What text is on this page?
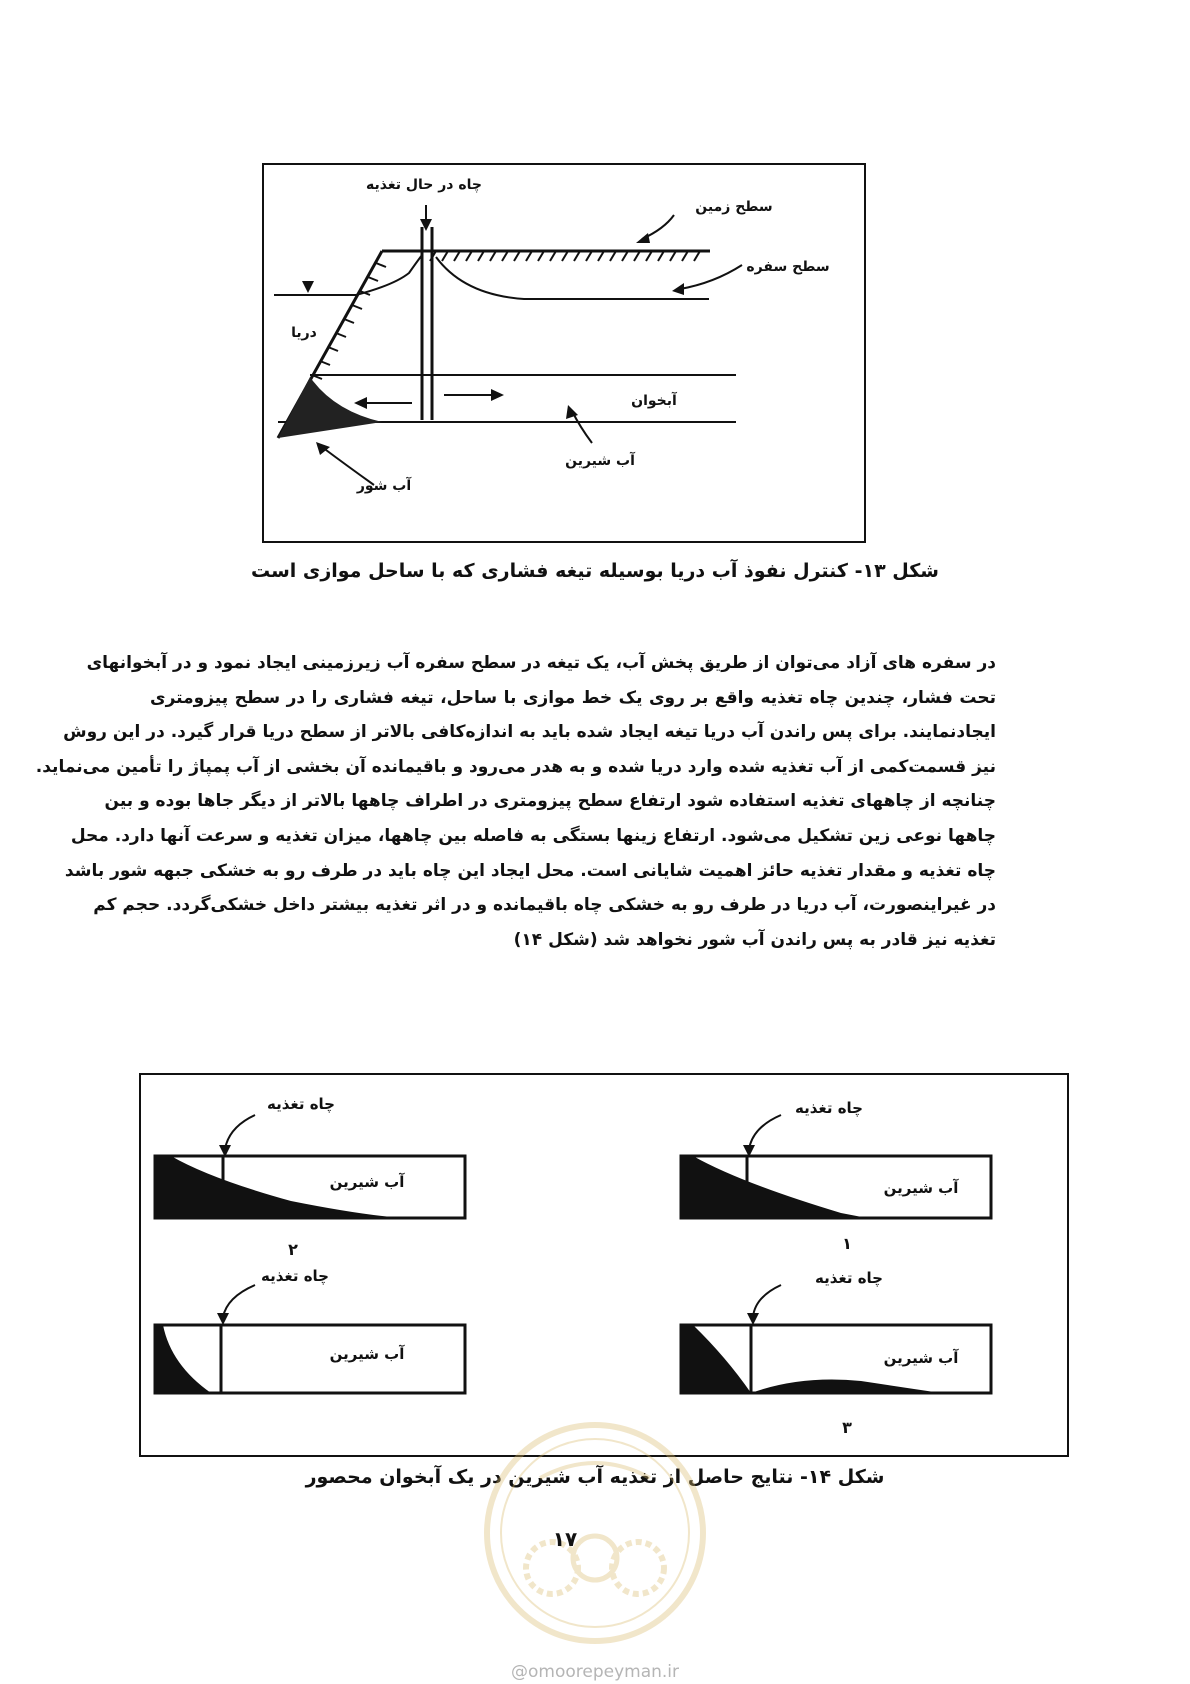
چاه در حال تغذیه
سطح زمین
سطح سفره
دریا
آبخوان
آب شیرین
آب شور
شکل ۱۳- کنترل نفوذ آب دریا بوسیله تیغه فشاری که با ساحل موازی است
در سفره های آزاد می‌توان از طریق پخش آب، یک تیغه در سطح سفره آب زیرزمینی ایجاد نمود و در آبخوانهای
تحت فشار، چندین چاه تغذیه واقع بر روی یک خط موازی با ساحل، تیغه فشاری را در سطح پیزومتری
ایجادنمایند. برای پس راندن آب دریا تیغه ایجاد شده باید به اندازه‌کافی بالاتر از سطح دریا قرار گیرد. در این روش
نیز قسمت‌کمی از آب تغذیه شده وارد دریا شده و به هدر می‌رود و باقیمانده آن بخشی از آب پمپاژ را تأمین می‌نماید.
چنانچه از چاههای تغذیه استفاده شود ارتفاع سطح پیزومتری در اطراف چاهها بالاتر از دیگر جاها بوده و بین
چاهها نوعی زین تشکیل می‌شود. ارتفاع زینها بستگی به فاصله بین چاهها، میزان تغذیه و سرعت آنها دارد. محل
چاه تغذیه و مقدار تغذیه حائز اهمیت شایانی است. محل ایجاد این چاه باید در طرف رو به خشکی جبهه شور باشد
در غیراینصورت، آب دریا در طرف رو به خشکی چاه باقیمانده و در اثر تغذیه بیشتر داخل خشکی‌گردد. حجم کم
تغذیه نیز قادر به پس راندن آب شور نخواهد شد (شکل ۱۴)
چاه تغذیه
آب شیرین
۱
چاه تغذیه
آب شیرین
۲
چاه تغذیه
آب شیرین
۳
چاه تغذیه
آب شیرین
شکل ۱۴- نتایج حاصل از تغذیه آب شیرین در یک آبخوان محصور
۱۷
@omoorepeyman.ir
